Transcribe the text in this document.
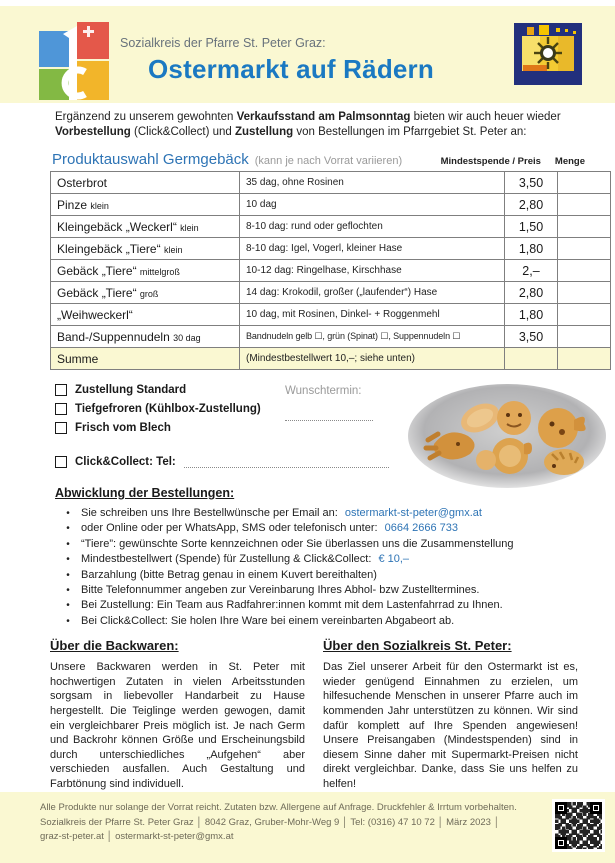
Sozialkreis der Pfarre St. Peter Graz:
Ostermarkt auf Rädern
Ergänzend zu unserem gewohnten Verkaufsstand am Palmsonntag bieten wir auch heuer wieder Vorbestellung (Click&Collect) und Zustellung von Bestellungen im Pfarrgebiet St. Peter an:
Produktauswahl Germgebäck (kann je nach Vorrat variieren)	Mindestspende / Preis Menge
Osterbrot	35 dag, ohne Rosinen	3,50	
Pinze klein	10 dag	2,80	
Kleingebäck „Weckerl“ klein	8-10 dag: rund oder geflochten	1,50	
Kleingebäck „Tiere“ klein	8-10 dag: Igel, Vogerl, kleiner Hase	1,80	
Gebäck „Tiere“ mittelgroß	10-12 dag: Ringelhase, Kirschhase	2,–	
Gebäck „Tiere“ groß	14 dag: Krokodil, großer („laufender“) Hase	2,80	
„Weihweckerl“	10 dag, mit Rosinen, Dinkel- + Roggenmehl	1,80	
Band-/Suppennudeln 30 dag	Bandnudeln gelb ☐, grün (Spinat) ☐, Suppennudeln ☐	3,50	
Summe	(Mindestbestellwert 10,–; siehe unten)		
Zustellung Standard
Tiefgefroren (Kühlbox-Zustellung)
Frisch vom Blech
Click&Collect: Tel:
Wunschtermin:
Abwicklung der Bestellungen:
•	Sie schreiben uns Ihre Bestellwünsche per Email an: ostermarkt-st-peter@gmx.at
•	oder Online oder per WhatsApp, SMS oder telefonisch unter: 0664 2666 733
•	“Tiere”: gewünschte Sorte kennzeichnen oder Sie überlassen uns die Zusammenstellung
•	Mindestbestellwert (Spende) für Zustellung & Click&Collect: € 10,–
•	Barzahlung (bitte Betrag genau in einem Kuvert bereithalten)
•	Bitte Telefonnummer angeben zur Vereinbarung Ihres Abhol- bzw Zustelltermines.
•	Bei Zustellung: Ein Team aus Radfahrer:innen kommt mit dem Lastenfahrrad zu Ihnen.
•	Bei Click&Collect: Sie holen Ihre Ware bei einem vereinbarten Abgabeort ab.
Über die Backwaren:

Unsere Backwaren werden in St. Peter mit hochwertigen Zutaten in vielen Arbeitsstunden sorgsam in liebevoller Handarbeit zu Hause hergestellt. Die Teiglinge werden gewogen, damit ein vergleichbarer Preis möglich ist. Je nach Germ und Backrohr können Größe und Erscheinungsbild durch unterschiedliches „Aufgehen“ aber verschieden ausfallen. Auch Gestaltung und Farbtönung sind individuell.

Über den Sozialkreis St. Peter:

Das Ziel unserer Arbeit für den Ostermarkt ist es, wieder genügend Einnahmen zu erzielen, um hilfesuchende Menschen in unserer Pfarre auch im kommenden Jahr unterstützen zu können. Wir sind dafür komplett auf Ihre Spenden angewiesen! Unsere Preisangaben (Mindestspenden) sind in diesem Sinne daher mit Supermarkt-Preisen nicht direkt vergleichbar. Danke, dass Sie uns helfen zu helfen!

Alle Produkte nur solange der Vorrat reicht. Zutaten bzw. Allergene auf Anfrage. Druckfehler & Irrtum vorbehalten.
Sozialkreis der Pfarre St. Peter Graz │ 8042 Graz, Gruber-Mohr-Weg 9 │ Tel: (0316) 47 10 72 │ März 2023 │
graz-st-peter.at │ ostermarkt-st-peter@gmx.at
